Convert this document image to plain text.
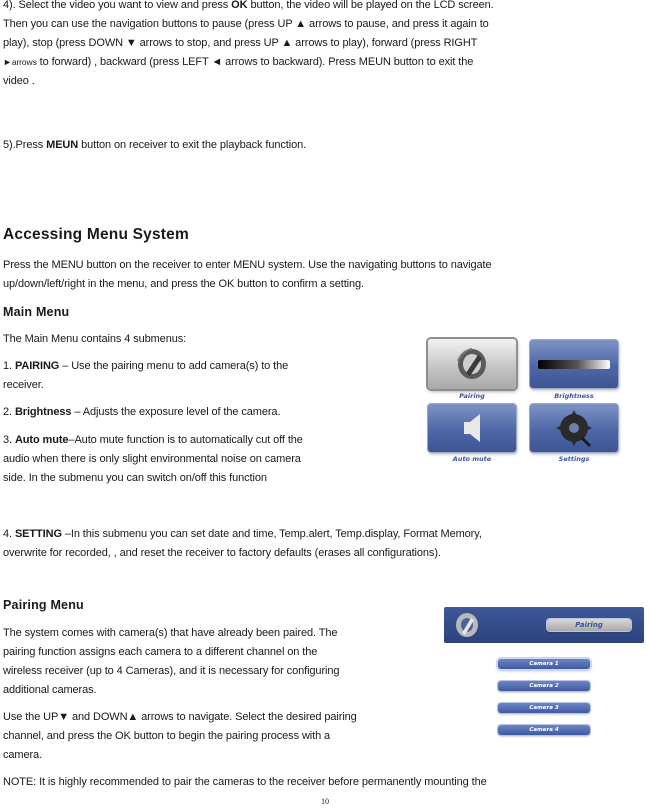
4). Select the video you want to view and press OK button, the video will be played on the LCD screen.
Then you can use the navigation buttons to pause (press UP ▲ arrows to pause, and press it again to
play), stop (press DOWN ▼ arrows to stop, and press UP ▲ arrows to play), forward (press RIGHT
►arrows to forward) , backward (press LEFT ◄ arrows to backward). Press MEUN button to exit the
video .
5).Press MEUN button on receiver to exit the playback function.
Accessing Menu System
Press the MENU button on the receiver to enter MENU system. Use the navigating buttons to navigate
up/down/left/right in the menu, and press the OK button to confirm a setting.
Main Menu
The Main Menu contains 4 submenus:
1. PAIRING – Use the pairing menu to add camera(s) to the
receiver.
2. Brightness – Adjusts the exposure level of the camera.
3. Auto mute–Auto mute function is to automatically cut off the
audio when there is only slight environmental noise on camera
side. In the submenu you can switch on/off this function
4. SETTING –In this submenu you can set date and time, Temp.alert, Temp.display, Format Memory,
overwrite for recorded, , and reset the receiver to factory defaults (erases all configurations).
Pairing	Brightness
Auto mute	Settings
Pairing Menu
The system comes with camera(s) that have already been paired. The
pairing function assigns each camera to a different channel on the
wireless receiver (up to 4 Cameras), and it is necessary for configuring
additional cameras.
Use the UP▼ and DOWN▲ arrows to navigate. Select the desired pairing
channel, and press the OK button to begin the pairing process with a
camera.
NOTE: It is highly recommended to pair the cameras to the receiver before permanently mounting the
Pairing
Camera 1
Camera 2
Camera 3
Camera 4
10
